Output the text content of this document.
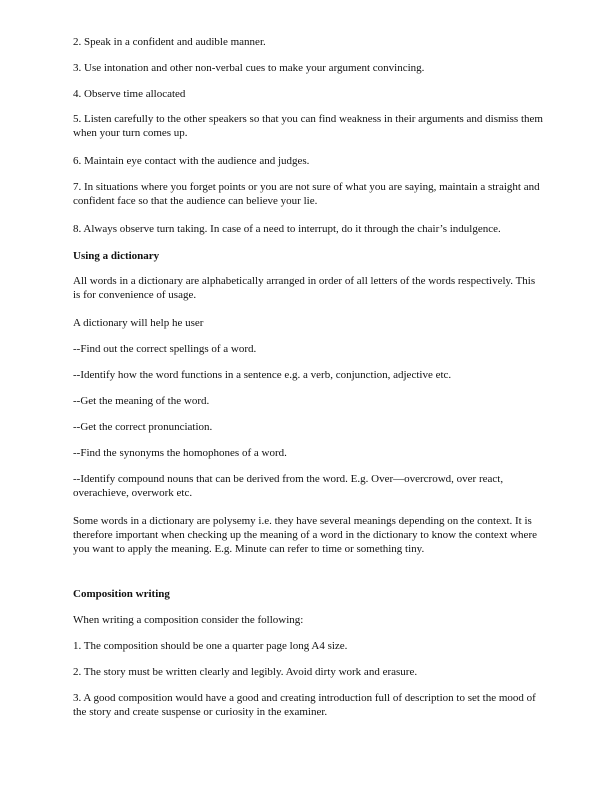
2. Speak in a confident and audible manner.

3. Use intonation and other non-verbal cues to make your argument convincing.

4. Observe time allocated

5. Listen carefully to the other speakers so that you can find weakness in their arguments and dismiss them when your turn comes up.

6. Maintain eye contact with the audience and judges.

7. In situations where you forget points or you are not sure of what you are saying, maintain a straight and confident face so that the audience can believe your lie.

8. Always observe turn taking. In case of a need to interrupt, do it through the chair’s indulgence.

Using a dictionary

All words in a dictionary are alphabetically arranged in order of all letters of the words respectively. This is for convenience of usage.

A dictionary will help he user

--Find out the correct spellings of a word.

--Identify how the word functions in a sentence e.g. a verb, conjunction, adjective etc.

--Get the meaning of the word.

--Get the correct pronunciation.

--Find the synonyms the homophones of a word.

--Identify compound nouns that can be derived from the word. E.g. Over—overcrowd, over react, overachieve, overwork etc.

Some words in a dictionary are polysemy i.e. they have several meanings depending on the context. It is therefore important when checking up the meaning of a word in the dictionary to know the context where you want to apply the meaning. E.g. Minute can refer to time or something tiny.

Composition writing

When writing a composition consider the following:

1. The composition should be one a quarter page long A4 size.

2. The story must be written clearly and legibly. Avoid dirty work and erasure.

3. A good composition would have a good and creating introduction full of description to set the mood of the story and create suspense or curiosity in the examiner.
